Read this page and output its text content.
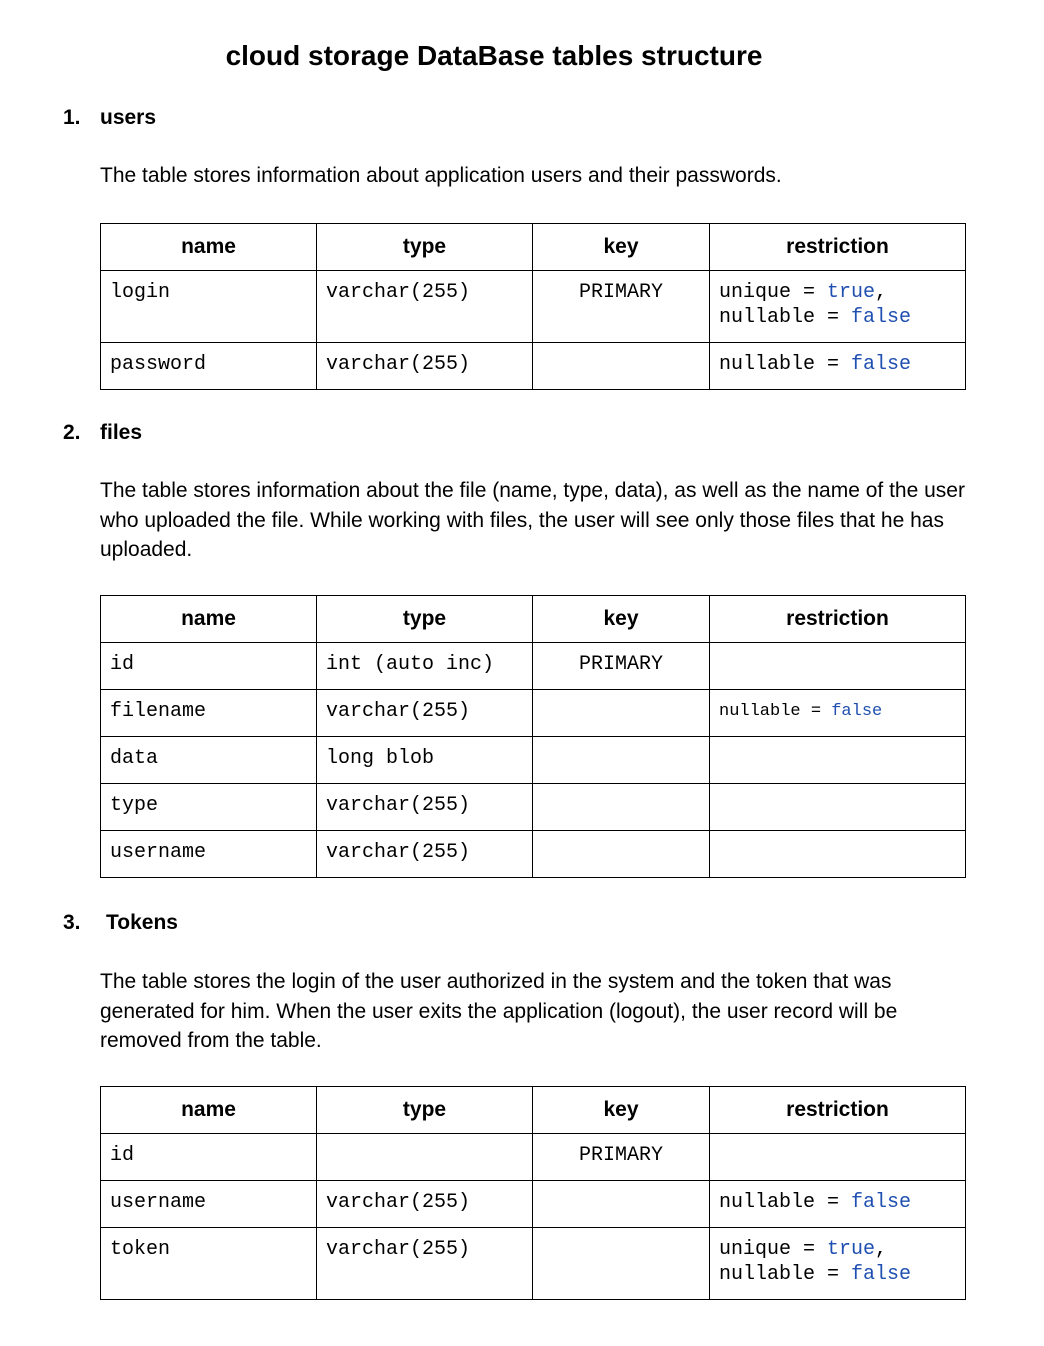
cloud storage DataBase tables structure
1. users
The table stores information about application users and their passwords.
name	type	key	restriction
login	varchar(255)	PRIMARY	unique = true,
nullable = false
password	varchar(255)		nullable = false
2. files
The table stores information about the file (name, type, data), as well as the name of the user who uploaded the file. While working with files, the user will see only those files that he has uploaded.
name	type	key	restriction
id	int (auto inc)	PRIMARY	
filename	varchar(255)		nullable = false
data	long blob		
type	varchar(255)		
username	varchar(255)		
3. Tokens
The table stores the login of the user authorized in the system and the token that was generated for him. When the user exits the application (logout), the user record will be removed from the table.
name	type	key	restriction
id		PRIMARY	
username	varchar(255)		nullable = false
token	varchar(255)		unique = true,
nullable = false
